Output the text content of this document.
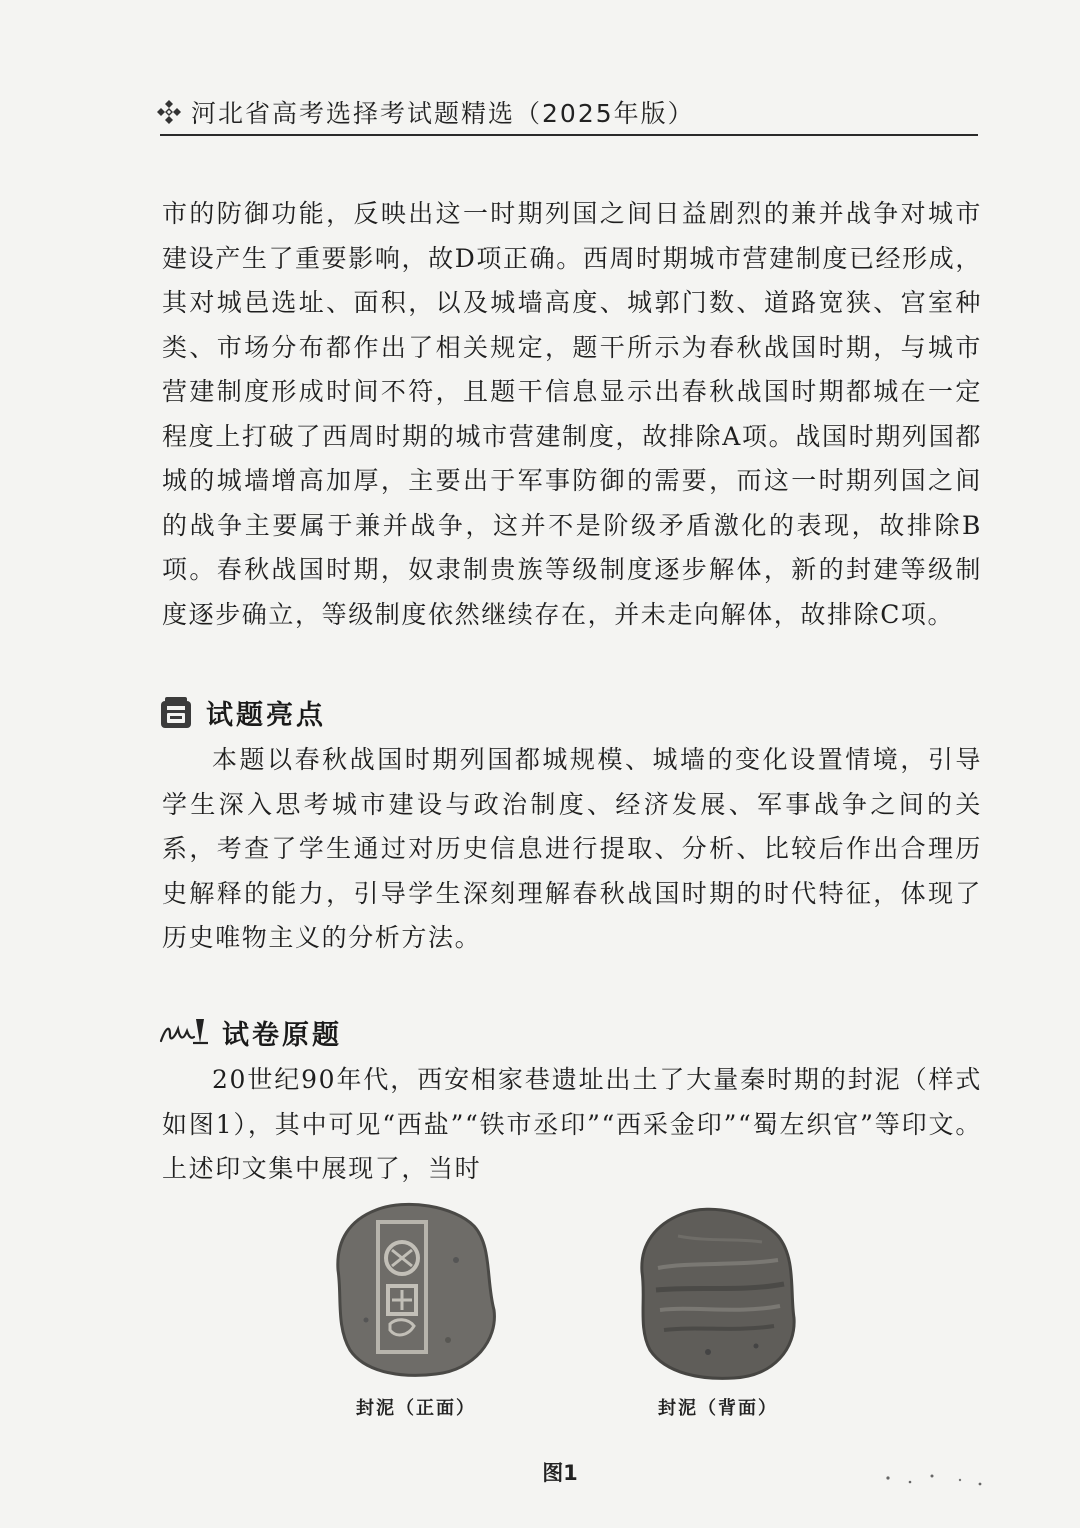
河北省高考选择考试题精选（2025年版）

市的防御功能，反映出这一时期列国之间日益剧烈的兼并战争对城市建设产生了重要影响，故D项正确。西周时期城市营建制度已经形成，其对城邑选址、面积，以及城墙高度、城郭门数、道路宽狭、宫室种类、市场分布都作出了相关规定，题干所示为春秋战国时期，与城市营建制度形成时间不符，且题干信息显示出春秋战国时期都城在一定程度上打破了西周时期的城市营建制度，故排除A项。战国时期列国都城的城墙增高加厚，主要出于军事防御的需要，而这一时期列国之间的战争主要属于兼并战争，这并不是阶级矛盾激化的表现，故排除B项。春秋战国时期，奴隶制贵族等级制度逐步解体，新的封建等级制度逐步确立，等级制度依然继续存在，并未走向解体，故排除C项。

试题亮点

本题以春秋战国时期列国都城规模、城墙的变化设置情境，引导学生深入思考城市建设与政治制度、经济发展、军事战争之间的关系，考查了学生通过对历史信息进行提取、分析、比较后作出合理历史解释的能力，引导学生深刻理解春秋战国时期的时代特征，体现了历史唯物主义的分析方法。

试卷原题

20世纪90年代，西安相家巷遗址出土了大量秦时期的封泥（样式如图1），其中可见“西盐”“铁市丞印”“西采金印”“蜀左织官”等印文。上述印文集中展现了，当时

封泥（正面）	封泥（背面）
图1
